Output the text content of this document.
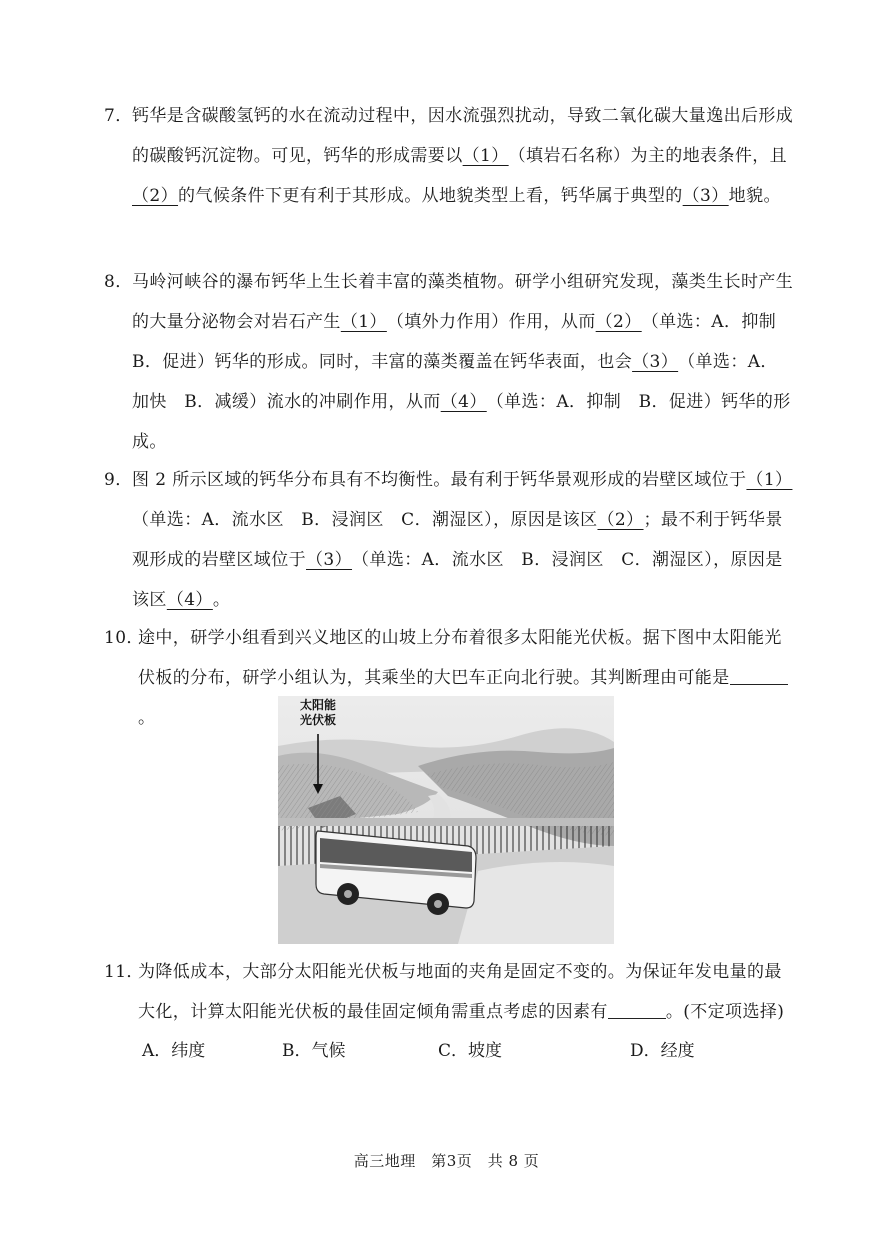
7． 钙华是含碳酸氢钙的水在流动过程中，因水流强烈扰动，导致二氧化碳大量逸出后形成的碳酸钙沉淀物。可见，钙华的形成需要以（1）（填岩石名称）为主的地表条件，且（2）的气候条件下更有利于其形成。从地貌类型上看，钙华属于典型的（3）地貌。

8． 马岭河峡谷的瀑布钙华上生长着丰富的藻类植物。研学小组研究发现，藻类生长时产生的大量分泌物会对岩石产生（1）（填外力作用）作用，从而（2）（单选：A．抑制　B．促进）钙华的形成。同时，丰富的藻类覆盖在钙华表面，也会（3）（单选：A．加快　B．减缓）流水的冲刷作用，从而（4）（单选：A．抑制　B．促进）钙华的形成。

9． 图 2 所示区域的钙华分布具有不均衡性。最有利于钙华景观形成的岩壁区域位于（1）（单选：A．流水区　B．浸润区　C．潮湿区），原因是该区（2）；最不利于钙华景观形成的岩壁区域位于（3）（单选：A．流水区　B．浸润区　C．潮湿区），原因是该区（4）。

10．

途中，研学小组看到兴义地区的山坡上分布着很多太阳能光伏板。据下图中太阳能光伏板的分布，研学小组认为，其乘坐的大巴车正向北行驶。其判断理由可能是。

太阳能
光伏板
11．

为降低成本，大部分太阳能光伏板与地面的夹角是固定不变的。为保证年发电量的最大化，计算太阳能光伏板的最佳固定倾角需重点考虑的因素有	。(不定项选择)

A．纬度	B．气候	C．坡度	D．经度
高三地理　第3页　共 8 页
